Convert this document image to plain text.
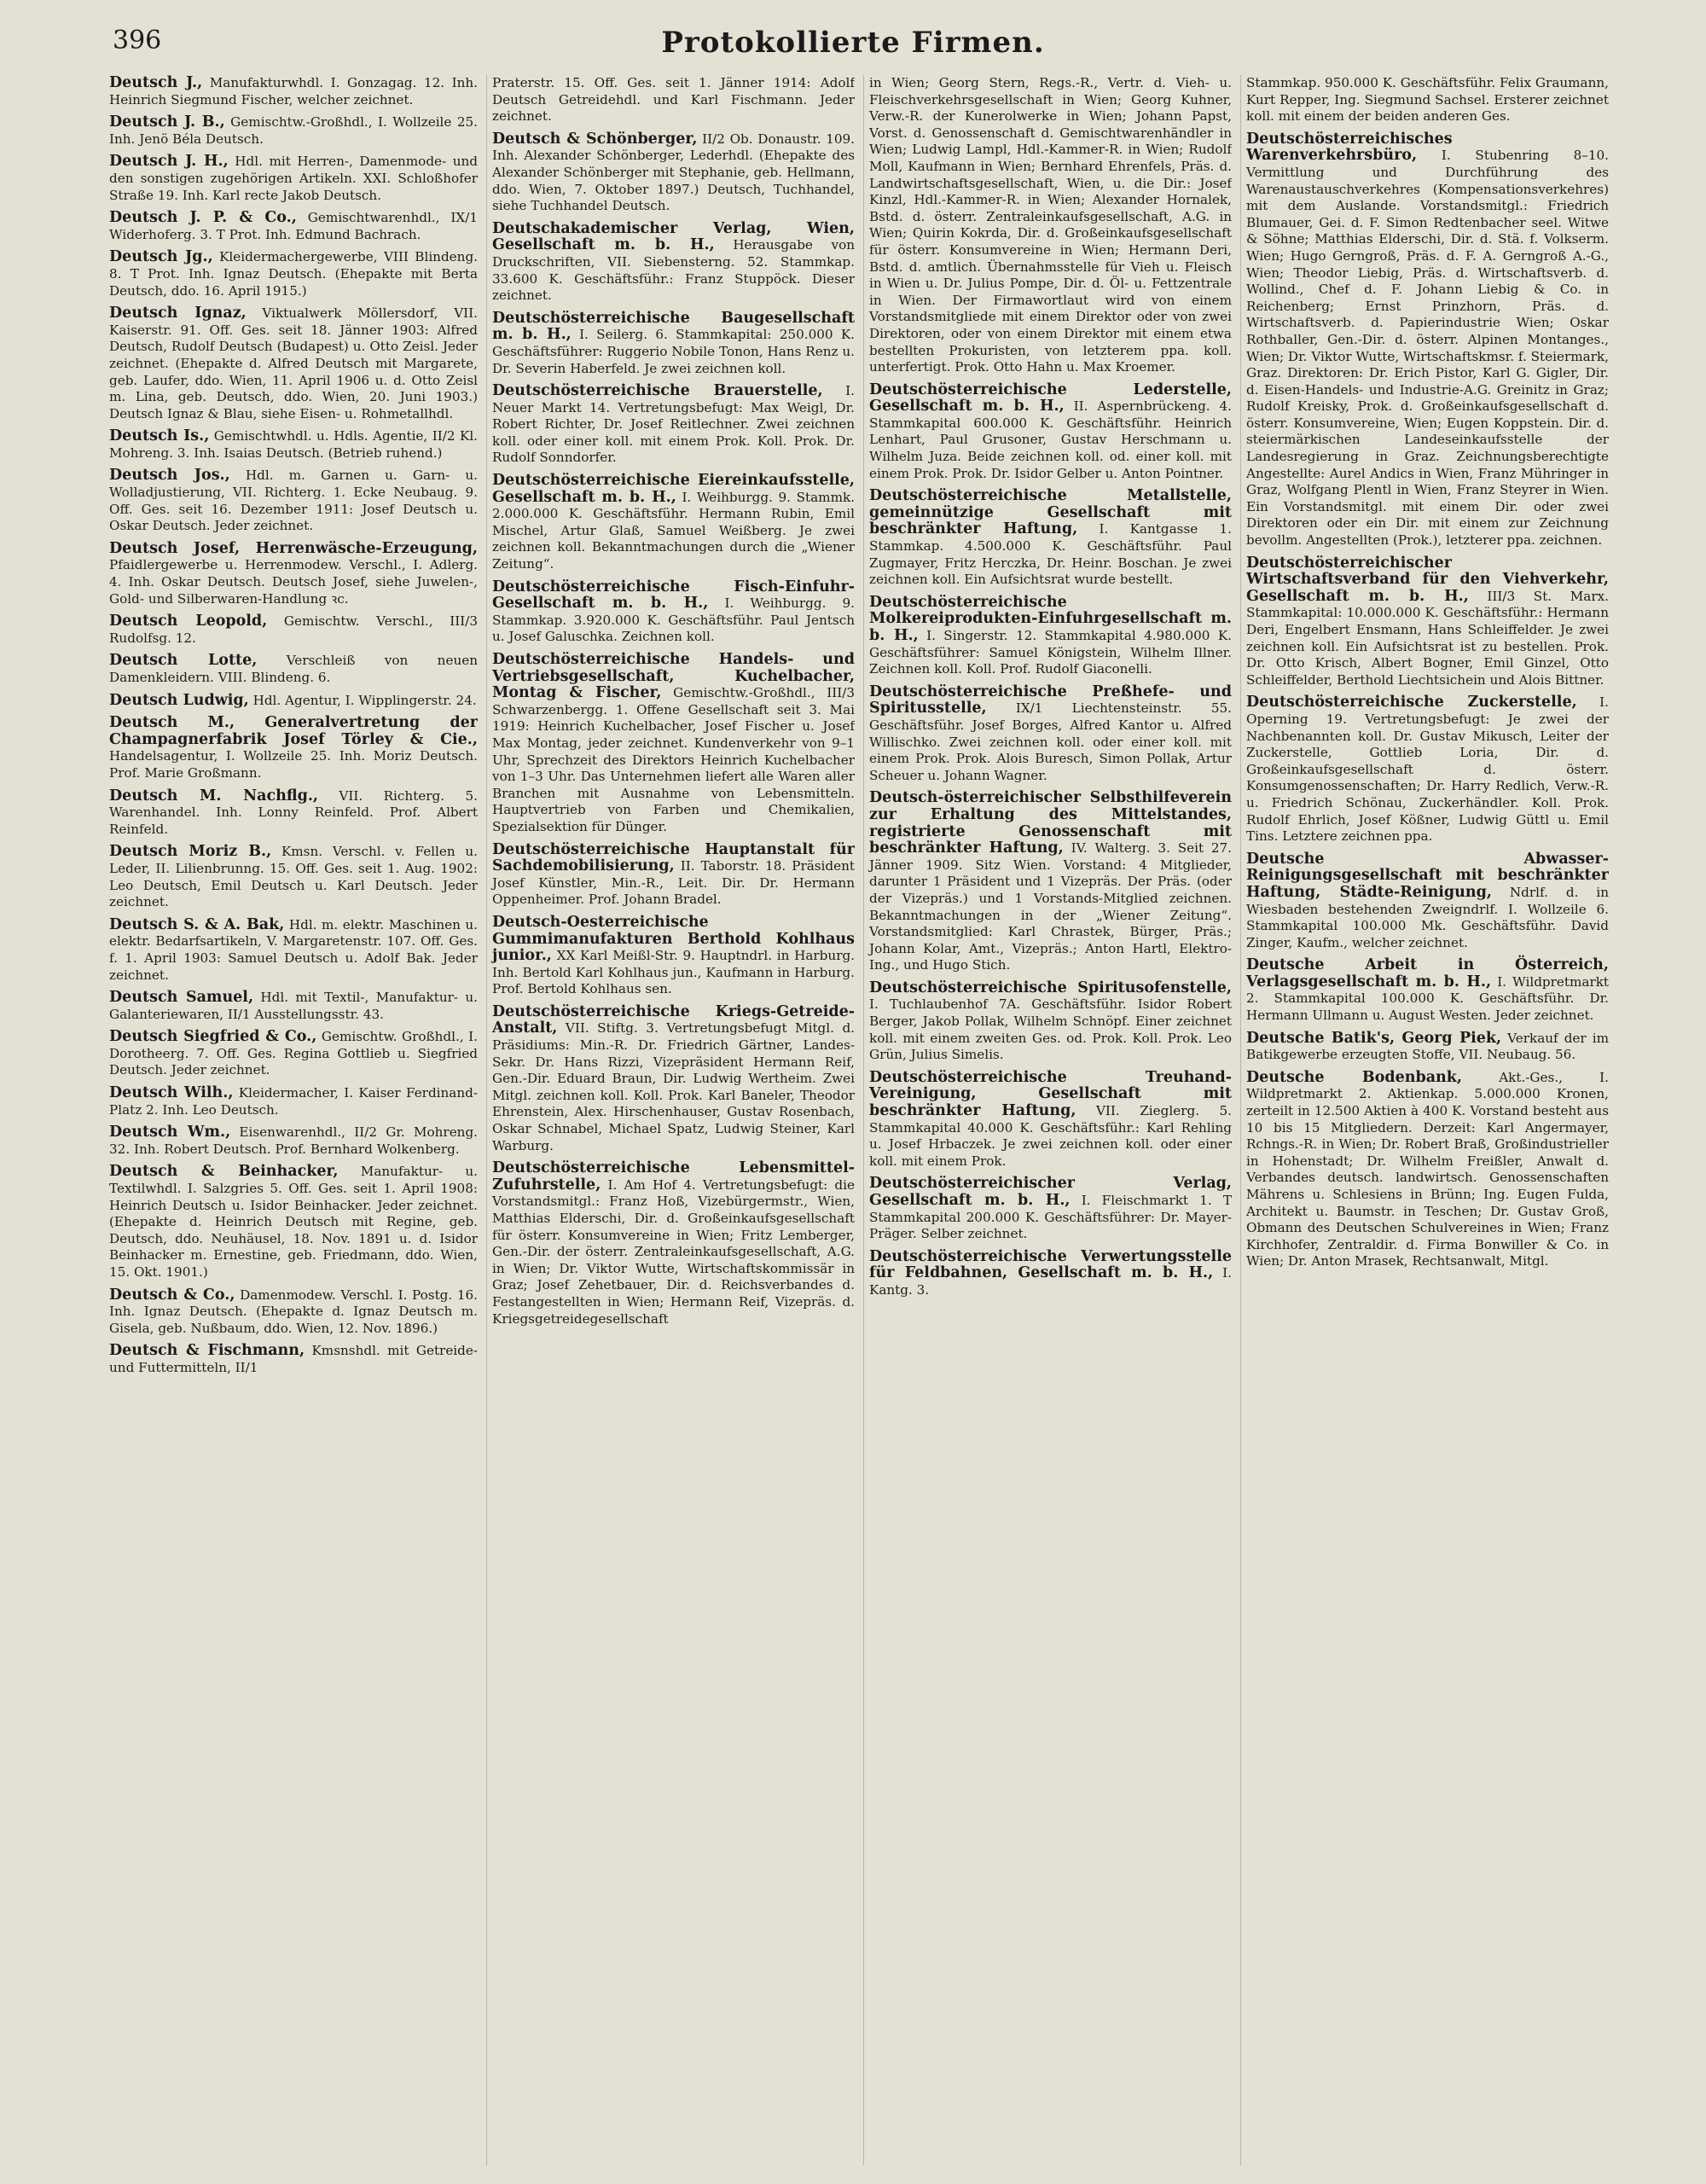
396	Protokollierte Firmen.

Deutsch J., Manufakturwhdl. I. Gonzagag. 12. Inh. Heinrich Siegmund Fischer, welcher zeichnet.

Deutsch J. B., Gemischtw.-Großhdl., I. Wollzeile 25. Inh. Jenö Béla Deutsch.

Deutsch J. H., Hdl. mit Herren-, Damenmode- und den sonstigen zugehörigen Artikeln. XXI. Schloßhofer Straße 19. Inh. Karl recte Jakob Deutsch.

Deutsch J. P. & Co., Gemischtwarenhdl., IX/1 Widerhoferg. 3. T Prot. Inh. Edmund Bachrach.

Deutsch Jg., Kleidermachergewerbe, VIII Blindeng. 8. T Prot. Inh. Ignaz Deutsch. (Ehepakte mit Berta Deutsch, ddo. 16. April 1915.)

Deutsch Ignaz, Viktualwerk Möllersdorf, VII. Kaiserstr. 91. Off. Ges. seit 18. Jänner 1903: Alfred Deutsch, Rudolf Deutsch (Budapest) u. Otto Zeisl. Jeder zeichnet. (Ehepakte d. Alfred Deutsch mit Margarete, geb. Laufer, ddo. Wien, 11. April 1906 u. d. Otto Zeisl m. Lina, geb. Deutsch, ddo. Wien, 20. Juni 1903.) Deutsch Ignaz & Blau, siehe Eisen- u. Rohmetallhdl.

Deutsch Is., Gemischtwhdl. u. Hdls. Agentie, II/2 Kl. Mohreng. 3. Inh. Isaias Deutsch. (Betrieb ruhend.)

Deutsch Jos., Hdl. m. Garnen u. Garn- u. Wolladjustierung, VII. Richterg. 1. Ecke Neubaug. 9. Off. Ges. seit 16. Dezember 1911: Josef Deutsch u. Oskar Deutsch. Jeder zeichnet.

Deutsch Josef, Herrenwäsche-Erzeugung, Pfaidlergewerbe u. Herrenmodew. Verschl., I. Adlerg. 4. Inh. Oskar Deutsch. Deutsch Josef, siehe Juwelen-, Gold- und Silberwaren-Handlung ꝛc.

Deutsch Leopold, Gemischtw. Verschl., III/3 Rudolfsg. 12.

Deutsch Lotte, Verschleiß von neuen Damenkleidern. VIII. Blindeng. 6.

Deutsch Ludwig, Hdl. Agentur, I. Wipplingerstr. 24.

Deutsch M., Generalvertretung der Champagnerfabrik Josef Törley & Cie., Handelsagentur, I. Wollzeile 25. Inh. Moriz Deutsch. Prof. Marie Großmann.

Deutsch M. Nachflg., VII. Richterg. 5. Warenhandel. Inh. Lonny Reinfeld. Prof. Albert Reinfeld.

Deutsch Moriz B., Kmsn. Verschl. v. Fellen u. Leder, II. Lilienbrunng. 15. Off. Ges. seit 1. Aug. 1902: Leo Deutsch, Emil Deutsch u. Karl Deutsch. Jeder zeichnet.

Deutsch S. & A. Bak, Hdl. m. elektr. Maschinen u. elektr. Bedarfsartikeln, V. Margaretenstr. 107. Off. Ges. f. 1. April 1903: Samuel Deutsch u. Adolf Bak. Jeder zeichnet.

Deutsch Samuel, Hdl. mit Textil-, Manufaktur- u. Galanteriewaren, II/1 Ausstellungsstr. 43.

Deutsch Siegfried & Co., Gemischtw. Großhdl., I. Dorotheerg. 7. Off. Ges. Regina Gottlieb u. Siegfried Deutsch. Jeder zeichnet.

Deutsch Wilh., Kleidermacher, I. Kaiser Ferdinand-Platz 2. Inh. Leo Deutsch.

Deutsch Wm., Eisenwarenhdl., II/2 Gr. Mohreng. 32. Inh. Robert Deutsch. Prof. Bernhard Wolkenberg.

Deutsch & Beinhacker, Manufaktur- u. Textilwhdl. I. Salzgries 5. Off. Ges. seit 1. April 1908: Heinrich Deutsch u. Isidor Beinhacker. Jeder zeichnet. (Ehepakte d. Heinrich Deutsch mit Regine, geb. Deutsch, ddo. Neuhäusel, 18. Nov. 1891 u. d. Isidor Beinhacker m. Ernestine, geb. Friedmann, ddo. Wien, 15. Okt. 1901.)

Deutsch & Co., Damenmodew. Verschl. I. Postg. 16. Inh. Ignaz Deutsch. (Ehepakte d. Ignaz Deutsch m. Gisela, geb. Nußbaum, ddo. Wien, 12. Nov. 1896.)

Deutsch & Fischmann, Kmsnshdl. mit Getreide- und Futtermitteln, II/1

Praterstr. 15. Off. Ges. seit 1. Jänner 1914: Adolf Deutsch Getreidehdl. und Karl Fischmann. Jeder zeichnet.

Deutsch & Schönberger, II/2 Ob. Donaustr. 109. Inh. Alexander Schönberger, Lederhdl. (Ehepakte des Alexander Schönberger mit Stephanie, geb. Hellmann, ddo. Wien, 7. Oktober 1897.) Deutsch, Tuchhandel, siehe Tuchhandel Deutsch.

Deutschakademischer Verlag, Wien, Gesellschaft m. b. H., Herausgabe von Druckschriften, VII. Siebensterng. 52. Stammkap. 33.600 K. Geschäftsführ.: Franz Stuppöck. Dieser zeichnet.

Deutschösterreichische Baugesellschaft m. b. H., I. Seilerg. 6. Stammkapital: 250.000 K. Geschäftsführer: Ruggerio Nobile Tonon, Hans Renz u. Dr. Severin Haberfeld. Je zwei zeichnen koll.

Deutschösterreichische Brauerstelle, I. Neuer Markt 14. Vertretungsbefugt: Max Weigl, Dr. Robert Richter, Dr. Josef Reitlechner. Zwei zeichnen koll. oder einer koll. mit einem Prok. Koll. Prok. Dr. Rudolf Sonndorfer.

Deutschösterreichische Eiereinkaufsstelle, Gesellschaft m. b. H., I. Weihburgg. 9. Stammk. 2.000.000 K. Geschäftsführ. Hermann Rubin, Emil Mischel, Artur Glaß, Samuel Weißberg. Je zwei zeichnen koll. Bekanntmachungen durch die „Wiener Zeitung“.

Deutschösterreichische Fisch-Einfuhr-Gesellschaft m. b. H., I. Weihburgg. 9. Stammkap. 3.920.000 K. Geschäftsführ. Paul Jentsch u. Josef Galuschka. Zeichnen koll.

Deutschösterreichische Handels- und Vertriebsgesellschaft, Kuchelbacher, Montag & Fischer, Gemischtw.-Großhdl., III/3 Schwarzenbergg. 1. Offene Gesellschaft seit 3. Mai 1919: Heinrich Kuchelbacher, Josef Fischer u. Josef Max Montag, jeder zeichnet. Kundenverkehr von 9–1 Uhr, Sprechzeit des Direktors Heinrich Kuchelbacher von 1–3 Uhr. Das Unternehmen liefert alle Waren aller Branchen mit Ausnahme von Lebensmitteln. Hauptvertrieb von Farben und Chemikalien, Spezialsektion für Dünger.

Deutschösterreichische Hauptanstalt für Sachdemobilisierung, II. Taborstr. 18. Präsident Josef Künstler, Min.-R., Leit. Dir. Dr. Hermann Oppenheimer. Prof. Johann Bradel.

Deutsch-Oesterreichische Gummimanufakturen Berthold Kohlhaus junior., XX Karl Meißl-Str. 9. Hauptndrl. in Harburg. Inh. Bertold Karl Kohlhaus jun., Kaufmann in Harburg. Prof. Bertold Kohlhaus sen.

Deutschösterreichische Kriegs-Getreide-Anstalt, VII. Stiftg. 3. Vertretungsbefugt Mitgl. d. Präsidiums: Min.-R. Dr. Friedrich Gärtner, Landes-Sekr. Dr. Hans Rizzi, Vizepräsident Hermann Reif, Gen.-Dir. Eduard Braun, Dir. Ludwig Wertheim. Zwei Mitgl. zeichnen koll. Koll. Prok. Karl Baneler, Theodor Ehrenstein, Alex. Hirschenhauser, Gustav Rosenbach, Oskar Schnabel, Michael Spatz, Ludwig Steiner, Karl Warburg.

Deutschösterreichische Lebensmittel-Zufuhrstelle, I. Am Hof 4. Vertretungsbefugt: die Vorstandsmitgl.: Franz Hoß, Vizebürgermstr., Wien, Matthias Elderschi, Dir. d. Großeinkaufsgesellschaft für österr. Konsumvereine in Wien; Fritz Lemberger, Gen.-Dir. der österr. Zentraleinkaufsgesellschaft, A.G. in Wien; Dr. Viktor Wutte, Wirtschaftskommissär in Graz; Josef Zehetbauer, Dir. d. Reichsverbandes d. Festangestellten in Wien; Hermann Reif, Vizepräs. d. Kriegsgetreidegesellschaft

in Wien; Georg Stern, Regs.-R., Vertr. d. Vieh- u. Fleischverkehrsgesellschaft in Wien; Georg Kuhner, Verw.-R. der Kunerolwerke in Wien; Johann Papst, Vorst. d. Genossenschaft d. Gemischtwarenhändler in Wien; Ludwig Lampl, Hdl.-Kammer-R. in Wien; Rudolf Moll, Kaufmann in Wien; Bernhard Ehrenfels, Präs. d. Landwirtschaftsgesellschaft, Wien, u. die Dir.: Josef Kinzl, Hdl.-Kammer-R. in Wien; Alexander Hornalek, Bstd. d. österr. Zentraleinkaufsgesellschaft, A.G. in Wien; Quirin Kokrda, Dir. d. Großeinkaufsgesellschaft für österr. Konsumvereine in Wien; Hermann Deri, Bstd. d. amtlich. Übernahmsstelle für Vieh u. Fleisch in Wien u. Dr. Julius Pompe, Dir. d. Öl- u. Fettzentrale in Wien. Der Firmawortlaut wird von einem Vorstandsmitgliede mit einem Direktor oder von zwei Direktoren, oder von einem Direktor mit einem etwa bestellten Prokuristen, von letzterem ppa. koll. unterfertigt. Prok. Otto Hahn u. Max Kroemer.

Deutschösterreichische Lederstelle, Gesellschaft m. b. H., II. Aspernbrückeng. 4. Stammkapital 600.000 K. Geschäftsführ. Heinrich Lenhart, Paul Grusoner, Gustav Herschmann u. Wilhelm Juza. Beide zeichnen koll. od. einer koll. mit einem Prok. Prok. Dr. Isidor Gelber u. Anton Pointner.

Deutschösterreichische Metallstelle, gemeinnützige Gesellschaft mit beschränkter Haftung, I. Kantgasse 1. Stammkap. 4.500.000 K. Geschäftsführ. Paul Zugmayer, Fritz Herczka, Dr. Heinr. Boschan. Je zwei zeichnen koll. Ein Aufsichtsrat wurde bestellt.

Deutschösterreichische Molkereiprodukten-Einfuhrgesellschaft m. b. H., I. Singerstr. 12. Stammkapital 4.980.000 K. Geschäftsführer: Samuel Königstein, Wilhelm Illner. Zeichnen koll. Koll. Prof. Rudolf Giaconelli.

Deutschösterreichische Preßhefe- und Spiritusstelle, IX/1 Liechtensteinstr. 55. Geschäftsführ. Josef Borges, Alfred Kantor u. Alfred Willischko. Zwei zeichnen koll. oder einer koll. mit einem Prok. Prok. Alois Buresch, Simon Pollak, Artur Scheuer u. Johann Wagner.

Deutsch-österreichischer Selbsthilfeverein zur Erhaltung des Mittelstandes, registrierte Genossenschaft mit beschränkter Haftung, IV. Walterg. 3. Seit 27. Jänner 1909. Sitz Wien. Vorstand: 4 Mitglieder, darunter 1 Präsident und 1 Vizepräs. Der Präs. (oder der Vizepräs.) und 1 Vorstands-Mitglied zeichnen. Bekanntmachungen in der „Wiener Zeitung“. Vorstandsmitglied: Karl Chrastek, Bürger, Präs.; Johann Kolar, Amt., Vizepräs.; Anton Hartl, Elektro-Ing., und Hugo Stich.

Deutschösterreichische Spiritusofenstelle, I. Tuchlaubenhof 7A. Geschäftsführ. Isidor Robert Berger, Jakob Pollak, Wilhelm Schnöpf. Einer zeichnet koll. mit einem zweiten Ges. od. Prok. Koll. Prok. Leo Grün, Julius Simelis.

Deutschösterreichische Treuhand-Vereinigung, Gesellschaft mit beschränkter Haftung, VII. Zieglerg. 5. Stammkapital 40.000 K. Geschäftsführ.: Karl Rehling u. Josef Hrbaczek. Je zwei zeichnen koll. oder einer koll. mit einem Prok.

Deutschösterreichischer Verlag, Gesellschaft m. b. H., I. Fleischmarkt 1. T Stammkapital 200.000 K. Geschäftsführer: Dr. Mayer-Präger. Selber zeichnet.

Deutschösterreichische Verwertungsstelle für Feldbahnen, Gesellschaft m. b. H., I. Kantg. 3.

Stammkap. 950.000 K. Geschäftsführ. Felix Graumann, Kurt Repper, Ing. Siegmund Sachsel. Ersterer zeichnet koll. mit einem der beiden anderen Ges.

Deutschösterreichisches Warenverkehrsbüro, I. Stubenring 8–10. Vermittlung und Durchführung des Warenaustauschverkehres (Kompensationsverkehres) mit dem Auslande. Vorstandsmitgl.: Friedrich Blumauer, Gei. d. F. Simon Redtenbacher seel. Witwe & Söhne; Matthias Elderschi, Dir. d. Stä. f. Volkserm. Wien; Hugo Gerngroß, Präs. d. F. A. Gerngroß A.-G., Wien; Theodor Liebig, Präs. d. Wirtschaftsverb. d. Wollind., Chef d. F. Johann Liebig & Co. in Reichenberg; Ernst Prinzhorn, Präs. d. Wirtschaftsverb. d. Papierindustrie Wien; Oskar Rothballer, Gen.-Dir. d. österr. Alpinen Montanges., Wien; Dr. Viktor Wutte, Wirtschaftskmsr. f. Steiermark, Graz. Direktoren: Dr. Erich Pistor, Karl G. Gigler, Dir. d. Eisen-Handels- und Industrie-A.G. Greinitz in Graz; Rudolf Kreisky, Prok. d. Großeinkaufsgesellschaft d. österr. Konsumvereine, Wien; Eugen Koppstein. Dir. d. steiermärkischen Landeseinkaufsstelle der Landesregierung in Graz. Zeichnungsberechtigte Angestellte: Aurel Andics in Wien, Franz Mühringer in Graz, Wolfgang Plentl in Wien, Franz Steyrer in Wien. Ein Vorstandsmitgl. mit einem Dir. oder zwei Direktoren oder ein Dir. mit einem zur Zeichnung bevollm. Angestellten (Prok.), letzterer ppa. zeichnen.

Deutschösterreichischer Wirtschaftsverband für den Viehverkehr, Gesellschaft m. b. H., III/3 St. Marx. Stammkapital: 10.000.000 K. Geschäftsführ.: Hermann Deri, Engelbert Ensmann, Hans Schleiffelder. Je zwei zeichnen koll. Ein Aufsichtsrat ist zu bestellen. Prok. Dr. Otto Krisch, Albert Bogner, Emil Ginzel, Otto Schleiffelder, Berthold Liechtsichein und Alois Bittner.

Deutschösterreichische Zuckerstelle, I. Operning 19. Vertretungsbefugt: Je zwei der Nachbenannten koll. Dr. Gustav Mikusch, Leiter der Zuckerstelle, Gottlieb Loria, Dir. d. Großeinkaufsgesellschaft d. österr. Konsumgenossenschaften; Dr. Harry Redlich, Verw.-R. u. Friedrich Schönau, Zuckerhändler. Koll. Prok. Rudolf Ehrlich, Josef Kößner, Ludwig Güttl u. Emil Tins. Letztere zeichnen ppa.

Deutsche Abwasser-Reinigungsgesellschaft mit beschränkter Haftung, Städte-Reinigung, Ndrlf. d. in Wiesbaden bestehenden Zweigndrlf. I. Wollzeile 6. Stammkapital 100.000 Mk. Geschäftsführ. David Zinger, Kaufm., welcher zeichnet.

Deutsche Arbeit in Österreich, Verlagsgesellschaft m. b. H., I. Wildpretmarkt 2. Stammkapital 100.000 K. Geschäftsführ. Dr. Hermann Ullmann u. August Westen. Jeder zeichnet.

Deutsche Batik's, Georg Piek, Verkauf der im Batikgewerbe erzeugten Stoffe, VII. Neubaug. 56.

Deutsche Bodenbank,	Akt.-Ges., I. Wildpretmarkt 2. Aktienkap. 5.000.000 Kronen, zerteilt in 12.500 Aktien à 400 K. Vorstand besteht aus 10 bis 15 Mitgliedern. Derzeit: Karl Angermayer, Rchngs.-R. in Wien; Dr. Robert Braß, Großindustrieller in Hohenstadt; Dr. Wilhelm Freißler, Anwalt d. Verbandes deutsch. landwirtsch. Genossenschaften Mährens u. Schlesiens in Brünn; Ing. Eugen Fulda, Architekt u. Baumstr. in Teschen; Dr. Gustav Groß, Obmann des Deutschen Schulvereines in Wien; Franz Kirchhofer, Zentraldir. d. Firma Bonwiller & Co. in Wien; Dr. Anton Mrasek, Rechtsanwalt, Mitgl.
